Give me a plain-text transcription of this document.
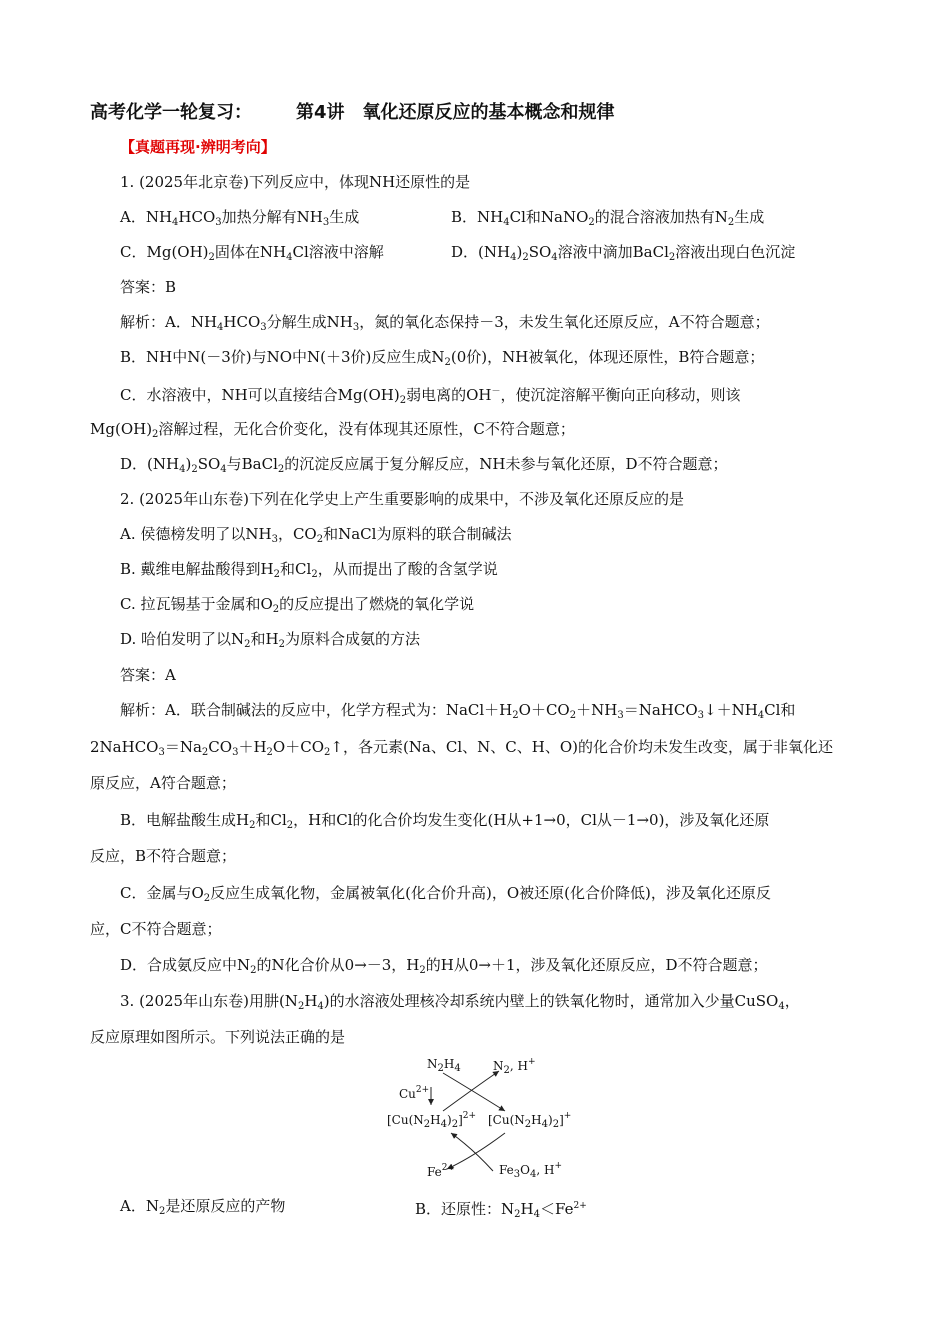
高考化学一轮复习： 第4讲　氧化还原反应的基本概念和规律
【真题再现·辨明考向】
1. (2025年北京卷)下列反应中，体现NH还原性的是
A．$NH_4HCO_3$加热分解有$NH_3$生成	B．$NH_4Cl$和NaNO$_2$的混合溶液加热有$N_2$生成
C．$Mg(OH)_2$固体在$NH_4Cl$溶液中溶解	D．$(NH_4)_2SO_4$溶液中滴加BaCl$_2$溶液出现白色沉淀
答案：B
解析：A．$NH_4HCO_3$分解生成$NH_3$，氮的氧化态保持－3，未发生氧化还原反应，A不符合题意；
B．NH中N(－3价)与NO中N(＋3价)反应生成$N_2(0$价)，NH被氧化，体现还原性，B符合题意；
C．水溶液中，NH可以直接结合$Mg(OH)_2$弱电离的OH－，使沉淀溶解平衡向正向移动，则该
$Mg(OH)_2$溶解过程，无化合价变化，没有体现其还原性，C不符合题意；
D．$(NH_4)_2SO_4$与BaCl$_2$的沉淀反应属于复分解反应，NH未参与氧化还原，D不符合题意；
2. (2025年山东卷)下列在化学史上产生重要影响的成果中，不涉及氧化还原反应的是
A. 侯德榜发明了以$NH_3$，$CO_2$和NaCl为原料的联合制碱法
B. 戴维电解盐酸得到$H_2$和$Cl_2$，从而提出了酸的含氢学说
C. 拉瓦锡基于金属和$O_2$的反应提出了燃烧的氧化学说
D. 哈伯发明了以$N_2$和$H_2$为原料合成氨的方法
答案：A
解析：A．联合制碱法的反应中，化学方程式为：$NaCl+H_2O+CO_2+NH_3=NaHCO_3↓+NH_4Cl$和
$2NaHCO_3=Na_2CO_3+H_2O+CO_2↑$，各元素(Na、Cl、N、C、H、O)的化合价均未发生改变，属于非氧化还
原反应，A符合题意；
B．电解盐酸生成$H_2$和$Cl_2$，H和Cl的化合价均发生变化(H从+1→0，Cl从－1→0)，涉及氧化还原
反应，B不符合题意；
C．金属与$O_2$反应生成氧化物，金属被氧化(化合价升高)，O被还原(化合价降低)，涉及氧化还原反
应，C不符合题意；
D．合成氨反应中$N_2$的N化合价从0→－3，$H_2$的H从0→＋1，涉及氧化还原反应，D不符合题意；
3. (2025年山东卷)用肼$(N_2H_4)$的水溶液处理核冷却系统内壁上的铁氧化物时，通常加入少量CuSO$_4$，
反应原理如图所示。下列说法正确的是
$N_2H_4$	$N_2$, H+
$Cu^{2+}$
$[Cu(N_2H_4)_2]^{2+}$ $[Cu(N_2H_4)_2]^+$
$Fe^{2+}$	$Fe_3O_4$, H+
A．$N_2$是还原反应的产物	B．还原性：$N_2H_4<Fe^{2+}$
